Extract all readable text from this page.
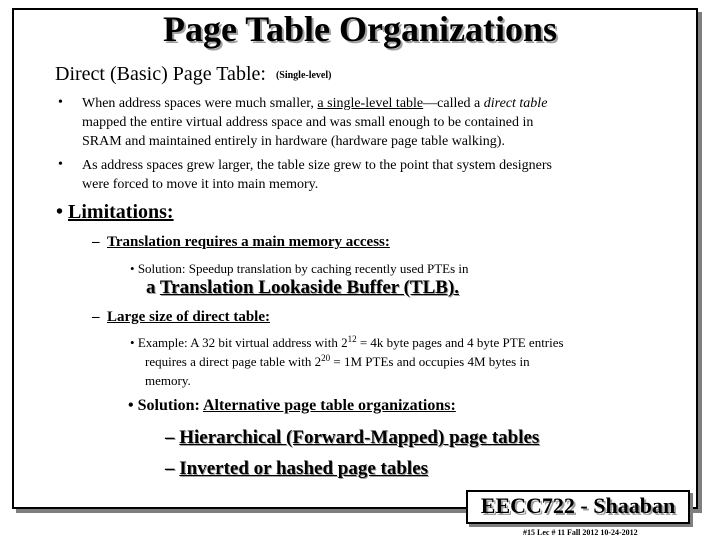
Page Table Organizations
Direct (Basic) Page Table: (Single-level)
• When address spaces were much smaller, a single-level table—called a direct table
mapped the entire virtual address space and was small enough to be contained in
SRAM and maintained entirely in hardware (hardware page table walking).
• As address spaces grew larger, the table size grew to the point that system designers
were forced to move it into main memory.
• Limitations:
– Translation requires a main memory access:
• Solution: Speedup translation by caching recently used PTEs in
a Translation Lookaside Buffer (TLB).
– Large size of direct table:
• Example: A 32 bit virtual address with $2^{12} = 4k$ byte pages and 4 byte PTE entries
requires a direct page table with $2^{20} = 1M$ PTEs and occupies 4M bytes in
memory.
• Solution: Alternative page table organizations:
– Hierarchical (Forward-Mapped) page tables
– Inverted or hashed page tables
EECC722 - Shaaban
#15 Lec # 11 Fall 2012 10-24-2012
